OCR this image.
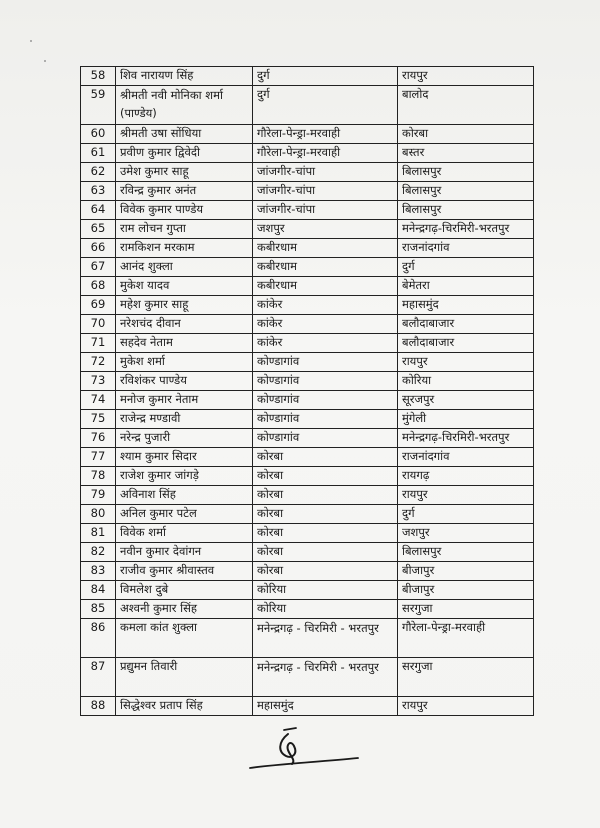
58	शिव नारायण सिंह	दुर्ग	रायपुर
59	श्रीमती नवी मोनिका शर्मा (पाण्डेय)	दुर्ग	बालोद
60	श्रीमती उषा सोंधिया	गौरेला-पेन्ड्रा-मरवाही	कोरबा
61	प्रवीण कुमार द्विवेदी	गौरेला-पेन्ड्रा-मरवाही	बस्तर
62	उमेश कुमार साहू	जांजगीर-चांपा	बिलासपुर
63	रविन्द्र कुमार अनंत	जांजगीर-चांपा	बिलासपुर
64	विवेक कुमार पाण्डेय	जांजगीर-चांपा	बिलासपुर
65	राम लोचन गुप्ता	जशपुर	मनेन्द्रगढ़-चिरमिरी-भरतपुर
66	रामकिशन मरकाम	कबीरधाम	राजनांदगांव
67	आनंद शुक्ला	कबीरधाम	दुर्ग
68	मुकेश यादव	कबीरधाम	बेमेतरा
69	महेश कुमार साहू	कांकेर	महासमुंद
70	नरेशचंद दीवान	कांकेर	बलौदाबाजार
71	सहदेव नेताम	कांकेर	बलौदाबाजार
72	मुकेश शर्मा	कोण्डागांव	रायपुर
73	रविशंकर पाण्डेय	कोण्डागांव	कोरिया
74	मनोज कुमार नेताम	कोण्डागांव	सूरजपुर
75	राजेन्द्र मण्डावी	कोण्डागांव	मुंगेली
76	नरेन्द्र पुजारी	कोण्डागांव	मनेन्द्रगढ़-चिरमिरी-भरतपुर
77	श्याम कुमार सिदार	कोरबा	राजनांदगांव
78	राजेश कुमार जांगड़े	कोरबा	रायगढ़
79	अविनाश सिंह	कोरबा	रायपुर
80	अनिल कुमार पटेल	कोरबा	दुर्ग
81	विवेक शर्मा	कोरबा	जशपुर
82	नवीन कुमार देवांगन	कोरबा	बिलासपुर
83	राजीव कुमार श्रीवास्तव	कोरबा	बीजापुर
84	विमलेश दुबे	कोरिया	बीजापुर
85	अश्वनी कुमार सिंह	कोरिया	सरगुजा
86	कमला कांत शुक्ला	मनेन्द्रगढ़ - चिरमिरी - भरतपुर	गौरेला-पेन्ड्रा-मरवाही
87	प्रद्युमन तिवारी	मनेन्द्रगढ़ - चिरमिरी - भरतपुर	सरगुजा
88	सिद्धेश्वर प्रताप सिंह	महासमुंद	रायपुर
